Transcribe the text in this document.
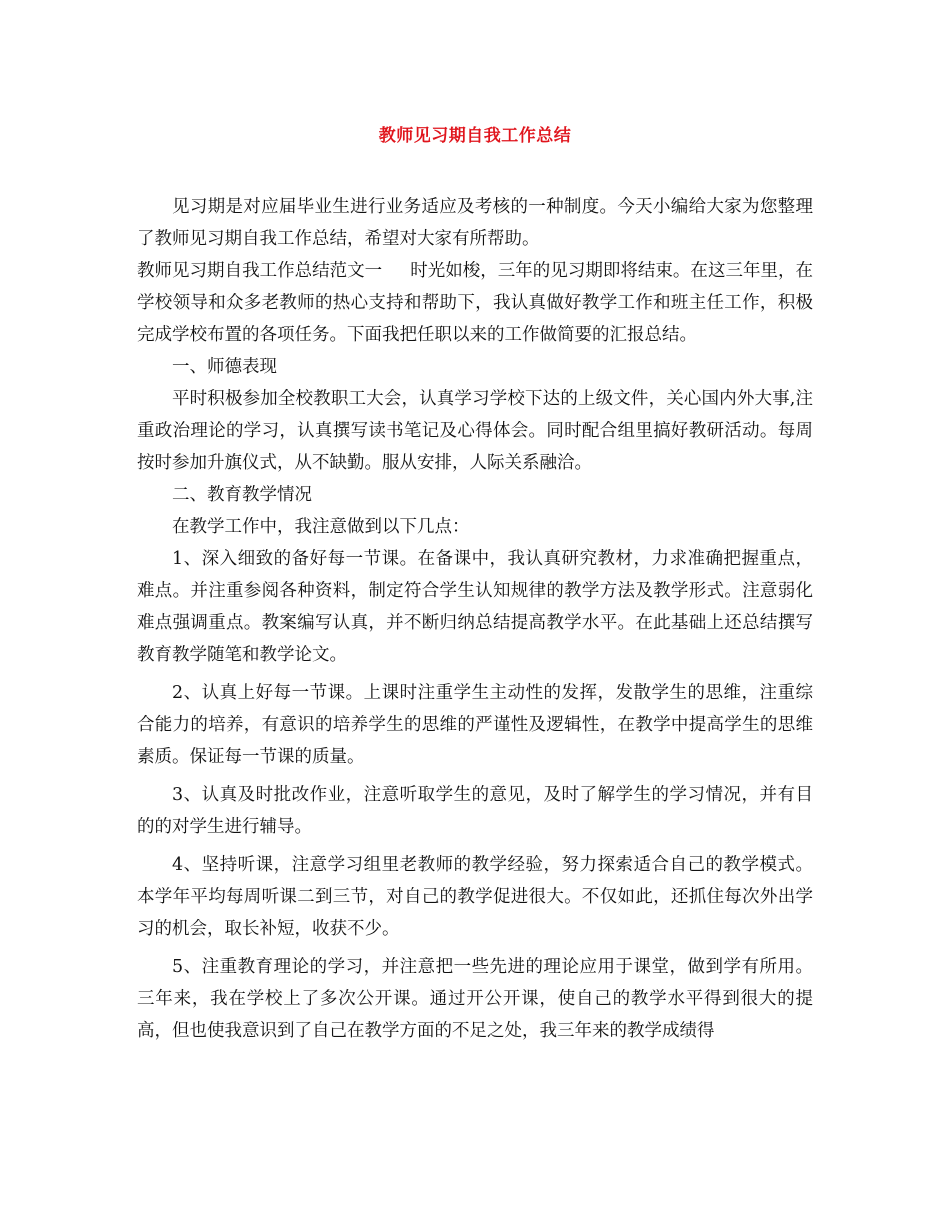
教师见习期自我工作总结

见习期是对应届毕业生进行业务适应及考核的一种制度。今天小编给大家为您整理了教师见习期自我工作总结，希望对大家有所帮助。

教师见习期自我工作总结范文一 时光如梭，三年的见习期即将结束。在这三年里，在学校领导和众多老教师的热心支持和帮助下，我认真做好教学工作和班主任工作，积极完成学校布置的各项任务。下面我把任职以来的工作做简要的汇报总结。

一、师德表现

平时积极参加全校教职工大会，认真学习学校下达的上级文件，关心国内外大事,注重政治理论的学习，认真撰写读书笔记及心得体会。同时配合组里搞好教研活动。每周按时参加升旗仪式，从不缺勤。服从安排，人际关系融洽。

二、教育教学情况

在教学工作中，我注意做到以下几点：

1、深入细致的备好每一节课。在备课中，我认真研究教材，力求准确把握重点，难点。并注重参阅各种资料，制定符合学生认知规律的教学方法及教学形式。注意弱化难点强调重点。教案编写认真，并不断归纳总结提高教学水平。在此基础上还总结撰写教育教学随笔和教学论文。

2、认真上好每一节课。上课时注重学生主动性的发挥，发散学生的思维，注重综合能力的培养，有意识的培养学生的思维的严谨性及逻辑性，在教学中提高学生的思维素质。保证每一节课的质量。

3、认真及时批改作业，注意听取学生的意见，及时了解学生的学习情况，并有目的的对学生进行辅导。

4、坚持听课，注意学习组里老教师的教学经验，努力探索适合自己的教学模式。本学年平均每周听课二到三节，对自己的教学促进很大。不仅如此，还抓住每次外出学习的机会，取长补短，收获不少。

5、注重教育理论的学习，并注意把一些先进的理论应用于课堂，做到学有所用。三年来，我在学校上了多次公开课。通过开公开课，使自己的教学水平得到很大的提高，但也使我意识到了自己在教学方面的不足之处，我三年来的教学成绩得
